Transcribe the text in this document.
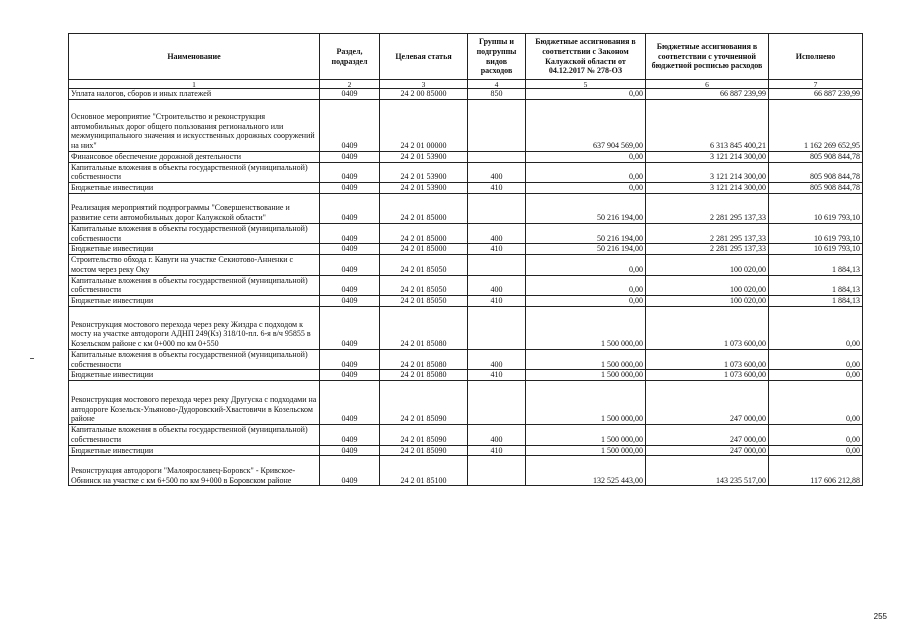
Наименование	Раздел, подраздел	Целевая статья	Группы и подгруппы видов расходов	Бюджетные ассигнования в соответствии с Законом Калужской области от 04.12.2017 № 278-ОЗ	Бюджетные ассигнования в соответствии с уточненной бюджетной росписью расходов	Исполнено
1	2	3	4	5	6	7
Уплата налогов, сборов и иных платежей	0409	24 2 00 85000	850	0,00	66 887 239,99	66 887 239,99
Основное мероприятие "Строительство и реконструкция автомобильных дорог общего пользования регионального или межмуниципального значения и искусственных дорожных сооружений на них"	0409	24 2 01 00000		637 904 569,00	6 313 845 400,21	1 162 269 652,95
Финансовое обеспечение дорожной деятельности	0409	24 2 01 53900		0,00	3 121 214 300,00	805 908 844,78
Капитальные вложения в объекты государственной (муниципальной) собственности	0409	24 2 01 53900	400	0,00	3 121 214 300,00	805 908 844,78
Бюджетные инвестиции	0409	24 2 01 53900	410	0,00	3 121 214 300,00	805 908 844,78
Реализация мероприятий подпрограммы "Совершенствование и развитие сети автомобильных дорог Калужской области"	0409	24 2 01 85000		50 216 194,00	2 281 295 137,33	10 619 793,10
Капитальные вложения в объекты государственной (муниципальной) собственности	0409	24 2 01 85000	400	50 216 194,00	2 281 295 137,33	10 619 793,10
Бюджетные инвестиции	0409	24 2 01 85000	410	50 216 194,00	2 281 295 137,33	10 619 793,10
Строительство обхода г. Кавуги на участке Секиотово-Анненки с мостом через реку Оку	0409	24 2 01 85050		0,00	100 020,00	1 884,13
Капитальные вложения в объекты государственной (муниципальной) собственности	0409	24 2 01 85050	400	0,00	100 020,00	1 884,13
Бюджетные инвестиции	0409	24 2 01 85050	410	0,00	100 020,00	1 884,13
Реконструкция мостового перехода через реку Жиздра с подходом к мосту на участке автодороги АДНП 249(Кз) 318/10-пл. 6-я в/ч 95855 в Козельском районе с км 0+000 по км 0+550	0409	24 2 01 85080		1 500 000,00	1 073 600,00	0,00
Капитальные вложения в объекты государственной (муниципальной) собственности	0409	24 2 01 85080	400	1 500 000,00	1 073 600,00	0,00
Бюджетные инвестиции	0409	24 2 01 85080	410	1 500 000,00	1 073 600,00	0,00
Реконструкция мостового перехода через реку Другуска с подходами на автодороге Козельск-Ульяново-Дудоровский-Хвастовичи в Козельском районе	0409	24 2 01 85090		1 500 000,00	247 000,00	0,00
Капитальные вложения в объекты государственной (муниципальной) собственности	0409	24 2 01 85090	400	1 500 000,00	247 000,00	0,00
Бюджетные инвестиции	0409	24 2 01 85090	410	1 500 000,00	247 000,00	0,00
Реконструкция автодороги "Малоярославец-Боровск" - Кривское-Обнинск на участке с км 6+500 по км 9+000 в Боровском районе	0409	24 2 01 85100		132 525 443,00	143 235 517,00	117 606 212,88
255
